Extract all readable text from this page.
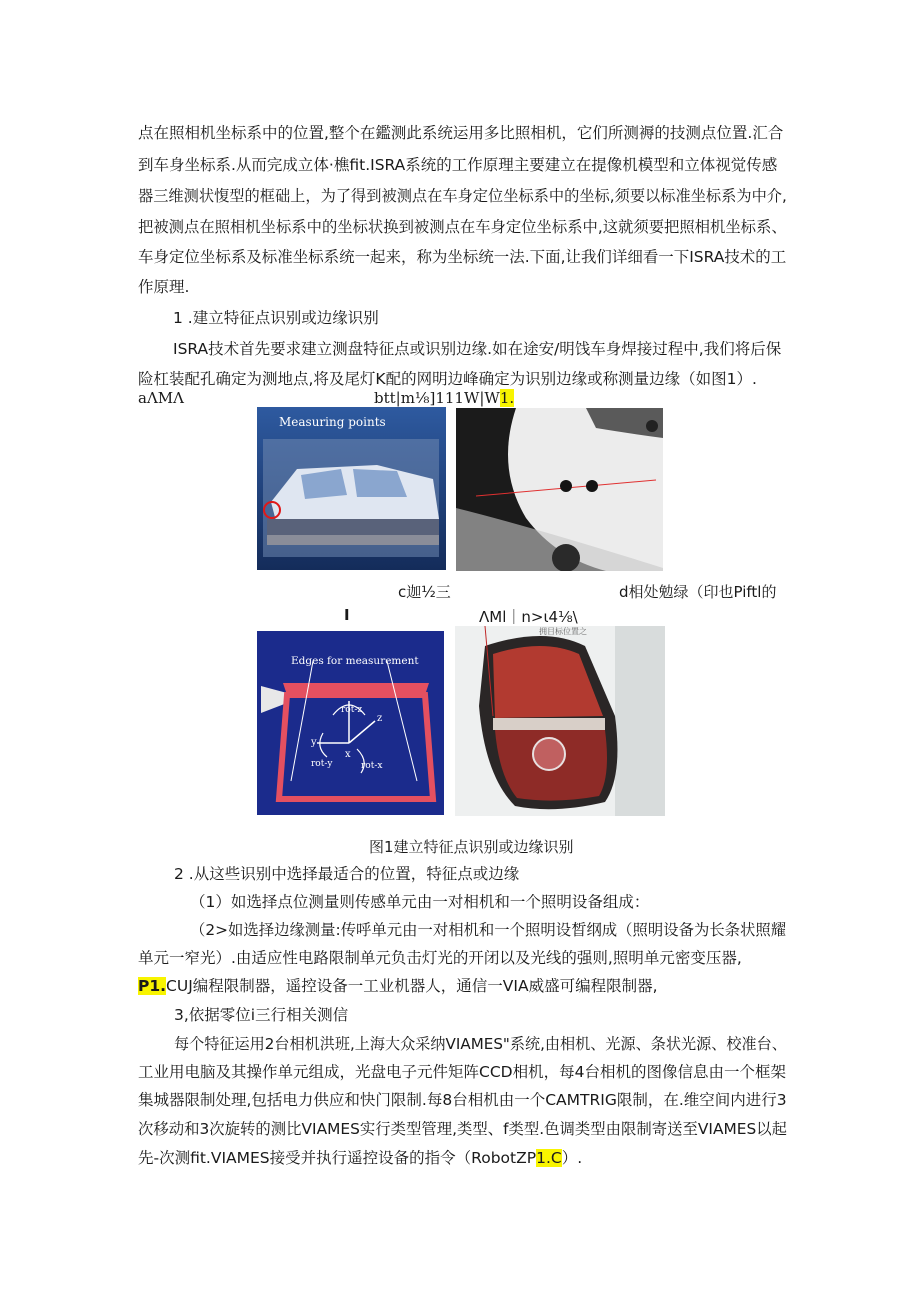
点在照相机坐标系中的位置,整个在鑑测此系统运用多比照相机，它们所测褥的技测点位置.汇合
到车身坐标系.从而完成立体·樵fit.ISRA系统的工作原理主要建立在提像机模型和立体视觉传感
器三维测状愎型的框础上，为了得到被测点在车身定位坐标系中的坐标,须要以标准坐标系为中介,
把被测点在照相机坐标系中的坐标状换到被测点在车身定位坐标系中,这就须要把照相机坐标系、
车身定位坐标系及标准坐标系统一起来，称为坐标统一法.下面,让我们详细看一下ISRA技术的工
作原理.
1 .建立特征点识别或边缘识别
ISRA技术首先要求建立测盘特征点或识别边缘.如在途安/明饯车身焊接过程中,我们将后保
险杠装配孔确定为测地点,将及尾灯K配的网明边峰确定为识别边缘或称测量边缘（如图1）.
aΛMΛ	btt|m⅛]111W|W1.
Measuring points
c迦½三	d相处勉绿（印也Piftl的
I	ΛMl｜n>ι4⅛\
Edges for measurement
rot-z
y
z
rot-y
x
rot-x
拥目标位置之
图1建立特征点识别或边缘识别
2 .从这些识别中选择最适合的位置，特征点或边缘
（1）如选择点位测量则传感单元由一对相机和一个照明设备组成：
（2>如选择边缘测量:传呼单元由一对相机和一个照明设晳纲成（照明设备为长条状照耀
单元一窄光）.由适应性电路限制单元负击灯光的开闭以及光线的强则,照明单元密变压器,
P1.CUJ编程限制器，遥控设备一工业机器人，通信一VIA威盛可编程限制器,
3,依据零位i三行相关测信
每个特征运用2台相机洪班,上海大众采纳VIAMES"系统,由相机、光源、条状光源、校准台、
工业用电脑及其操作单元组成，光盘电子元件矩阵CCD相机，每4台相机的图像信息由一个框架
集城器限制处理,包括电力供应和快门限制.每8台相机由一个CAMTRIG限制，在.维空间内进行3
次移动和3次旋转的测比VIAMES实行类型管理,类型、f类型.色调类型由限制寄送至VIAMES以起
先-次测fit.VIAMES接受并执行遥控设备的指令（RobotZP1.C）.
